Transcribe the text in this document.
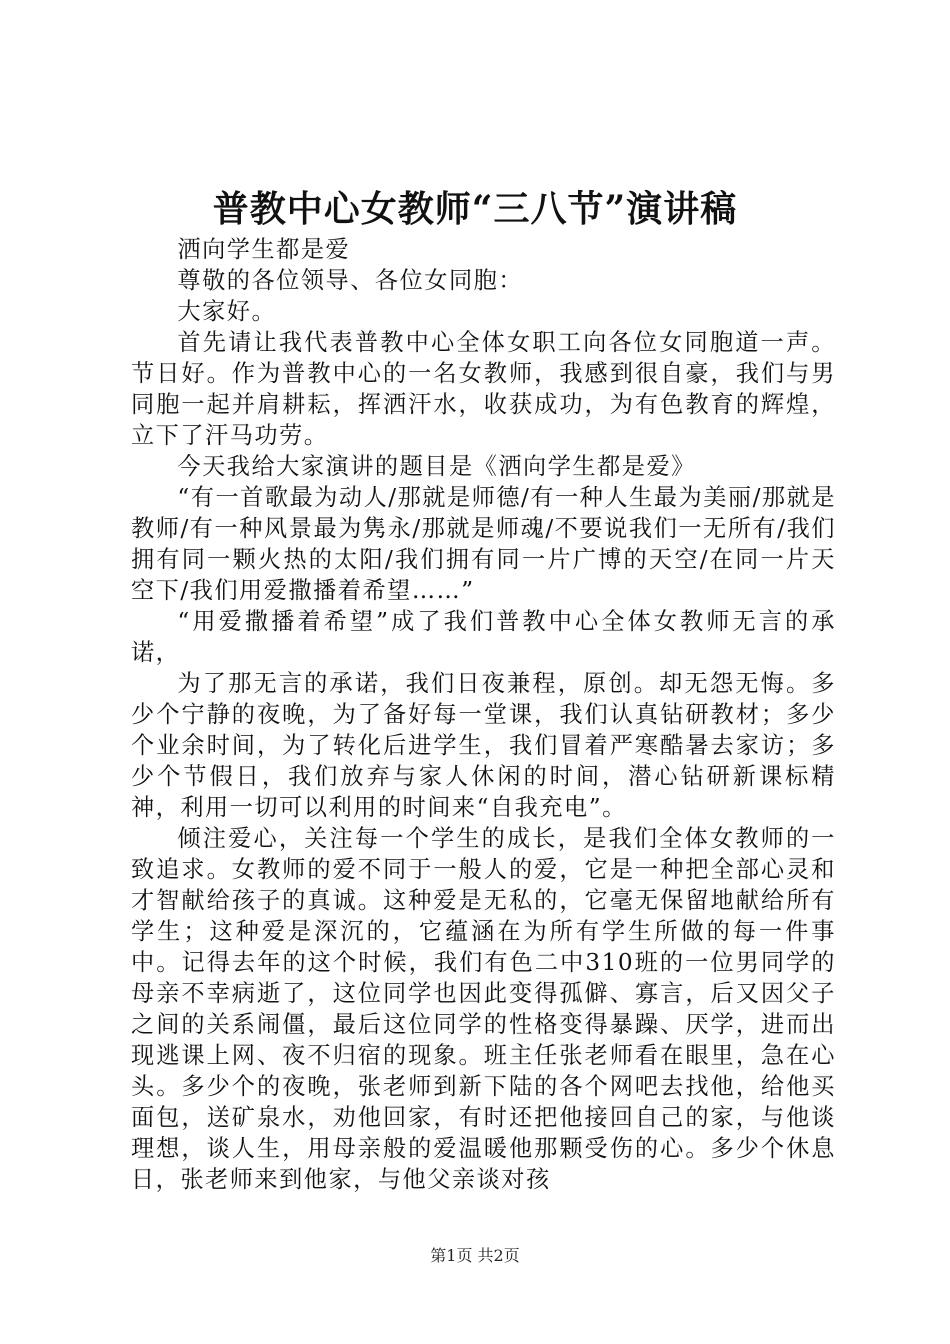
普教中心女教师“三八节”演讲稿

洒向学生都是爱

尊敬的各位领导、各位女同胞：

大家好。

首先请让我代表普教中心全体女职工向各位女同胞道一声。节日好。作为普教中心的一名女教师，我感到很自豪，我们与男同胞一起并肩耕耘，挥洒汗水，收获成功，为有色教育的辉煌，立下了汗马功劳。

今天我给大家演讲的题目是《洒向学生都是爱》

“有一首歌最为动人/那就是师德/有一种人生最为美丽/那就是教师/有一种风景最为隽永/那就是师魂/不要说我们一无所有/我们拥有同一颗火热的太阳/我们拥有同一片广博的天空/在同一片天空下/我们用爱撒播着希望……”

“用爱撒播着希望”成了我们普教中心全体女教师无言的承诺，

为了那无言的承诺，我们日夜兼程，原创。却无怨无悔。多少个宁静的夜晚，为了备好每一堂课，我们认真钻研教材；多少个业余时间，为了转化后进学生，我们冒着严寒酷暑去家访；多少个节假日，我们放弃与家人休闲的时间，潜心钻研新课标精神，利用一切可以利用的时间来“自我充电”。

倾注爱心，关注每一个学生的成长，是我们全体女教师的一致追求。女教师的爱不同于一般人的爱，它是一种把全部心灵和才智献给孩子的真诚。这种爱是无私的，它毫无保留地献给所有学生；这种爱是深沉的，它蕴涵在为所有学生所做的每一件事中。记得去年的这个时候，我们有色二中310班的一位男同学的母亲不幸病逝了，这位同学也因此变得孤僻、寡言，后又因父子之间的关系闹僵，最后这位同学的性格变得暴躁、厌学，进而出现逃课上网、夜不归宿的现象。班主任张老师看在眼里，急在心头。多少个的夜晚，张老师到新下陆的各个网吧去找他，给他买面包，送矿泉水，劝他回家，有时还把他接回自己的家，与他谈理想，谈人生，用母亲般的爱温暖他那颗受伤的心。多少个休息日，张老师来到他家，与他父亲谈对孩

第1页 共2页
